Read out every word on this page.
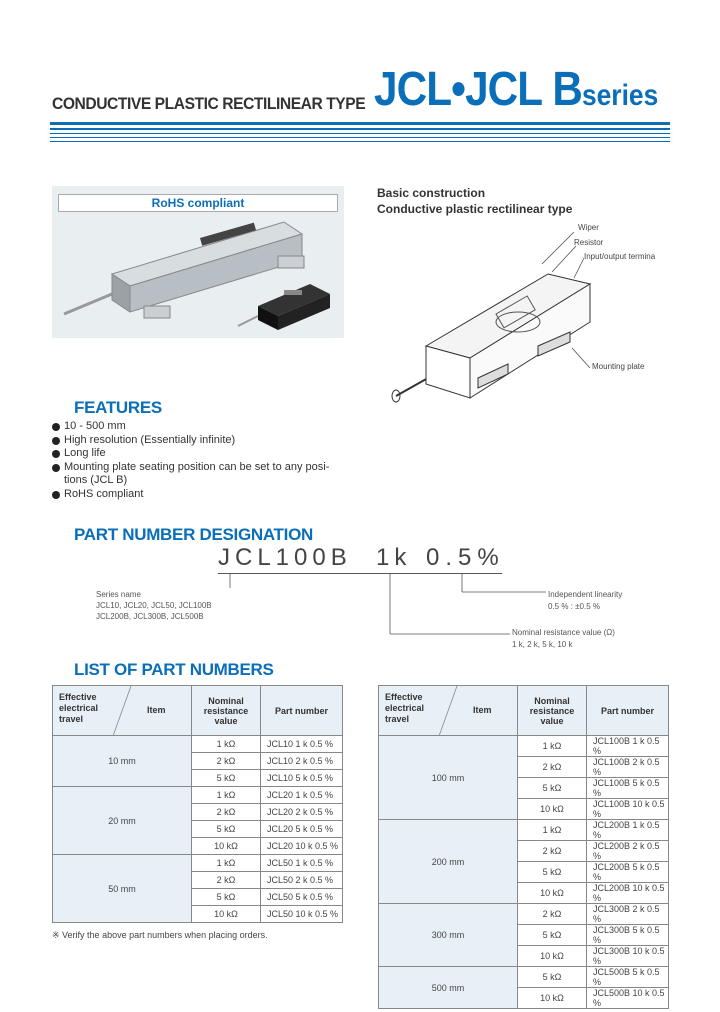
CONDUCTIVE PLASTIC RECTILINEAR TYPE JCL•JCL Bseries
RoHS compliant
Basic construction
Conductive plastic rectilinear type
Wiper
Resistor
Input/output termina
Mounting plate
FEATURES
10 - 500 mm
High resolution (Essentially infinite)
Long life
Mounting plate seating position can be set to any posi-tions (JCL B)
RoHS compliant
PART NUMBER DESIGNATION
JCL100B 1k 0.5%
Series name
JCL10, JCL20, JCL50, JCL100B
JCL200B, JCL300B, JCL500B
Independent linearity
0.5 % : ±0.5 %
Nominal resistance value (Ω)
1 k, 2 k, 5 k, 10 k
LIST OF PART NUMBERS
Effective electrical travel
Item	Nominal resistance value	Part number
10 mm	1 kΩ	JCL10 1 k 0.5 %
	2 kΩ	JCL10 2 k 0.5 %
	5 kΩ	JCL10 5 k 0.5 %
20 mm	1 kΩ	JCL20 1 k 0.5 %
	2 kΩ	JCL20 2 k 0.5 %
	5 kΩ	JCL20 5 k 0.5 %
	10 kΩ	JCL20 10 k 0.5 %
50 mm	1 kΩ	JCL50 1 k 0.5 %
	2 kΩ	JCL50 2 k 0.5 %
	5 kΩ	JCL50 5 k 0.5 %
	10 kΩ	JCL50 10 k 0.5 %
Effective electrical travel
Item	Nominal resistance value	Part number
100 mm	1 kΩ	JCL100B 1 k 0.5 %
	2 kΩ	JCL100B 2 k 0.5 %
	5 kΩ	JCL100B 5 k 0.5 %
	10 kΩ	JCL100B 10 k 0.5 %
200 mm	1 kΩ	JCL200B 1 k 0.5 %
	2 kΩ	JCL200B 2 k 0.5 %
	5 kΩ	JCL200B 5 k 0.5 %
	10 kΩ	JCL200B 10 k 0.5 %
300 mm	2 kΩ	JCL300B 2 k 0.5 %
	5 kΩ	JCL300B 5 k 0.5 %
	10 kΩ	JCL300B 10 k 0.5 %
500 mm	5 kΩ	JCL500B 5 k 0.5 %
	10 kΩ	JCL500B 10 k 0.5 %
※ Verify the above part numbers when placing orders.
